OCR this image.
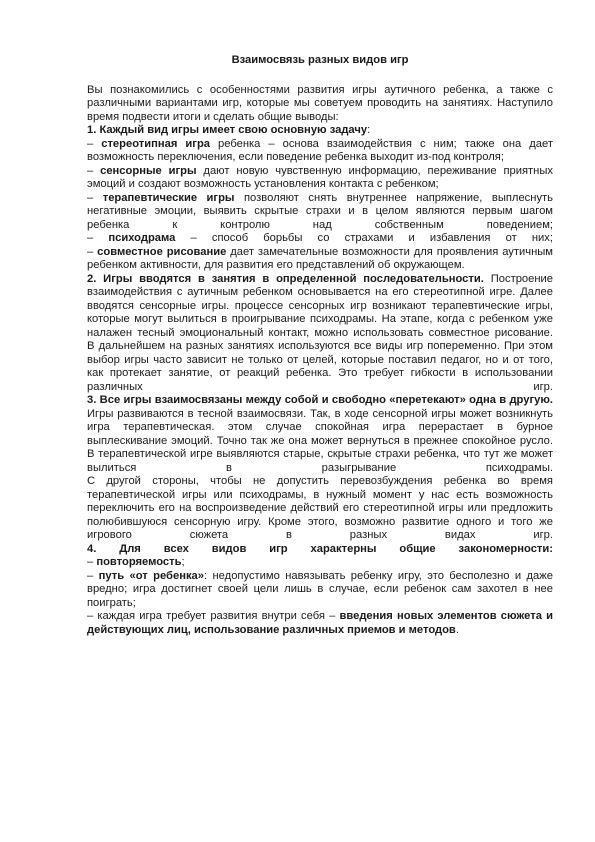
Взаимосвязь разных видов игр

Вы познакомились с особенностями развития игры аутичного ребенка, а также с различными вариантами игр, которые мы советуем проводить на занятиях. Наступило время подвести итоги и сделать общие выводы:

1. Каждый вид игры имеет свою основную задачу:

– стереотипная игра ребенка – основа взаимодействия с ним; также она дает возможность переключения, если поведение ребенка выходит из-под контроля;

– сенсорные игры дают новую чувственную информацию, переживание приятных эмоций и создают возможность установления контакта с ребенком;

– терапевтические игры позволяют снять внутреннее напряжение, выплеснуть негативные эмоции, выявить скрытые страхи и в целом являются первым шагом ребенка к контролю над собственным поведением;

– психодрама – способ борьбы со страхами и избавления от них;

– совместное рисование дает замечательные возможности для проявления аутичным ребенком активности, для развития его представлений об окружающем.

2. Игры вводятся в занятия в определенной последовательности. Построение взаимодействия с аутичным ребенком основывается на его стереотипной игре. Далее вводятся сенсорные игры. процессе сенсорных игр возникают терапевтические игры, которые могут вылиться в проигрывание психодрамы. На этапе, когда с ребенком уже налажен тесный эмоциональный контакт, можно использовать совместное рисование.

В дальнейшем на разных занятиях используются все виды игр попеременно. При этом выбор игры часто зависит не только от целей, которые поставил педагог, но и от того, как протекает занятие, от реакций ребенка. Это требует гибкости в использовании различных игр.

3. Все игры взаимосвязаны между собой и свободно «перетекают» одна в другую. Игры развиваются в тесной взаимосвязи. Так, в ходе сенсорной игры может возникнуть игра терапевтическая. этом случае спокойная игра перерастает в бурное выплескивание эмоций. Точно так же она может вернуться в прежнее спокойное русло.

В терапевтической игре выявляются старые, скрытые страхи ребенка, что тут же может вылиться в разыгрывание психодрамы.

С другой стороны, чтобы не допустить перевозбуждения ребенка во время терапевтической игры или психодрамы, в нужный момент у нас есть возможность переключить его на воспроизведение действий его стереотипной игры или предложить полюбившуюся сенсорную игру. Кроме этого, возможно развитие одного и того же игрового сюжета в разных видах игр.

4. Для всех видов игр характерны общие закономерности:

– повторяемость;

– путь «от ребенка»: недопустимо навязывать ребенку игру, это бесполезно и даже вредно; игра достигнет своей цели лишь в случае, если ребенок сам захотел в нее поиграть;

– каждая игра требует развития внутри себя – введения новых элементов сюжета и действующих лиц, использование различных приемов и методов.
